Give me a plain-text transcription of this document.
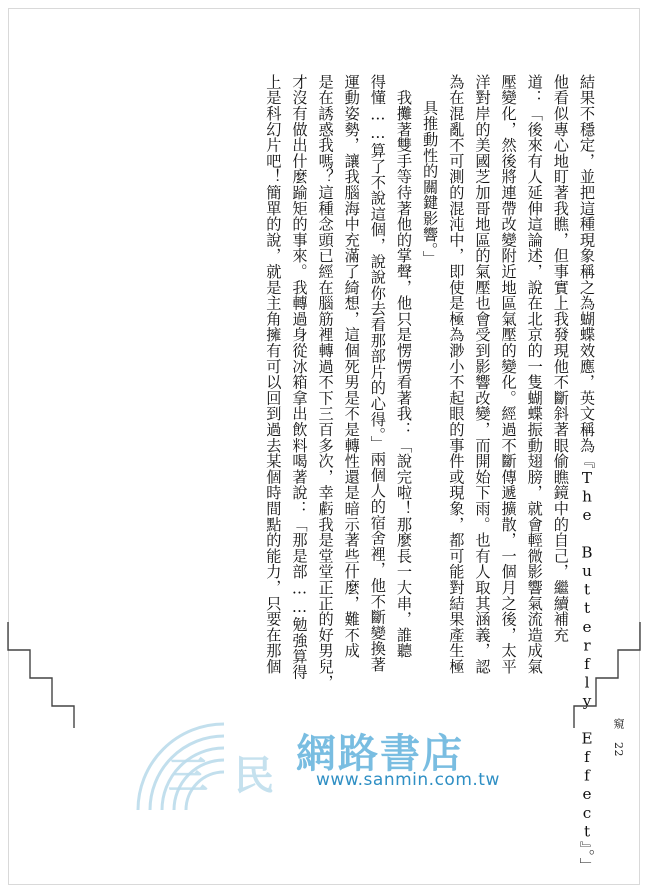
結果不穩定，並把這種現象稱之為蝴蝶效應，英文稱為『The Butterfly Effect』。」
他看似專心地盯著我瞧，但事實上我發現他不斷斜著眼偷瞧鏡中的自己，繼續補充
道：「後來有人延伸這論述，說在北京的一隻蝴蝶振動翅膀，就會輕微影響氣流造成氣
壓變化，然後將連帶改變附近地區氣壓的變化。經過不斷傳遞擴散，一個月之後，太平
洋對岸的美國芝加哥地區的氣壓也會受到影響改變，而開始下雨。也有人取其涵義，認
為在混亂不可測的混沌中，即使是極為渺小不起眼的事件或現象，都可能對結果產生極
具推動性的關鍵影響。」
　我攤著雙手等待著他的掌聲，他只是愣愣看著我：「說完啦！那麼長一大串，誰聽
得懂……算了不說這個，說說你去看那部片的心得。」兩個人的宿舍裡，他不斷變換著
運動姿勢，讓我腦海中充滿了綺想，這個死男是不是轉性還是暗示著些什麼，難不成
是在誘惑我嗎？這種念頭已經在腦筋裡轉過不下三百多次，幸虧我是堂堂正正的好男兒，
才沒有做出什麼踰矩的事來。我轉過身從冰箱拿出飲料喝著說：「那是部……勉強算得
上是科幻片吧！簡單的說，就是主角擁有可以回到過去某個時間點的能力，只要在那個
窺 22
三民
網路書店
www.sanmin.com.tw
